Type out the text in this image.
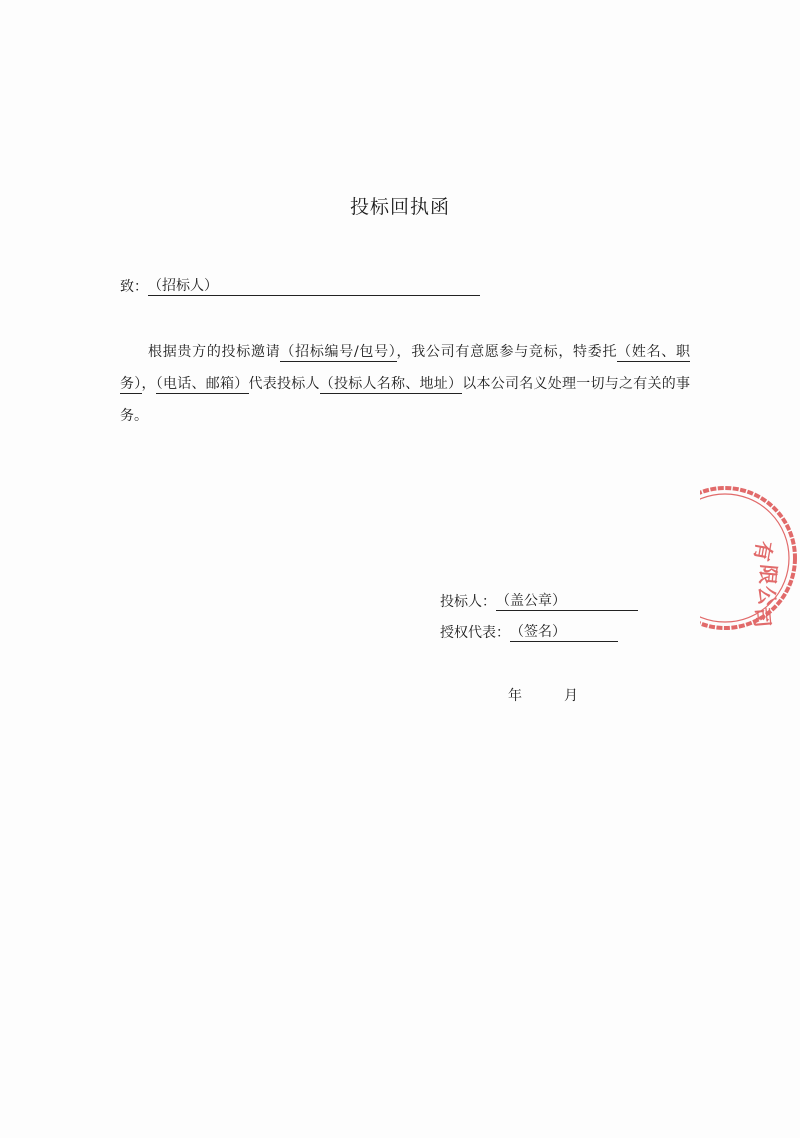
投标回执函
致： （招标人）
根据贵方的投标邀请（招标编号/包号），我公司有意愿参与竞标，特委托（姓名、职务），（电话、邮箱）代表投标人（投标人名称、地址）以本公司名义处理一切与之有关的事务。
投标人： （盖公章）
授权代表： （签名）
年	月
有
限
公
司
